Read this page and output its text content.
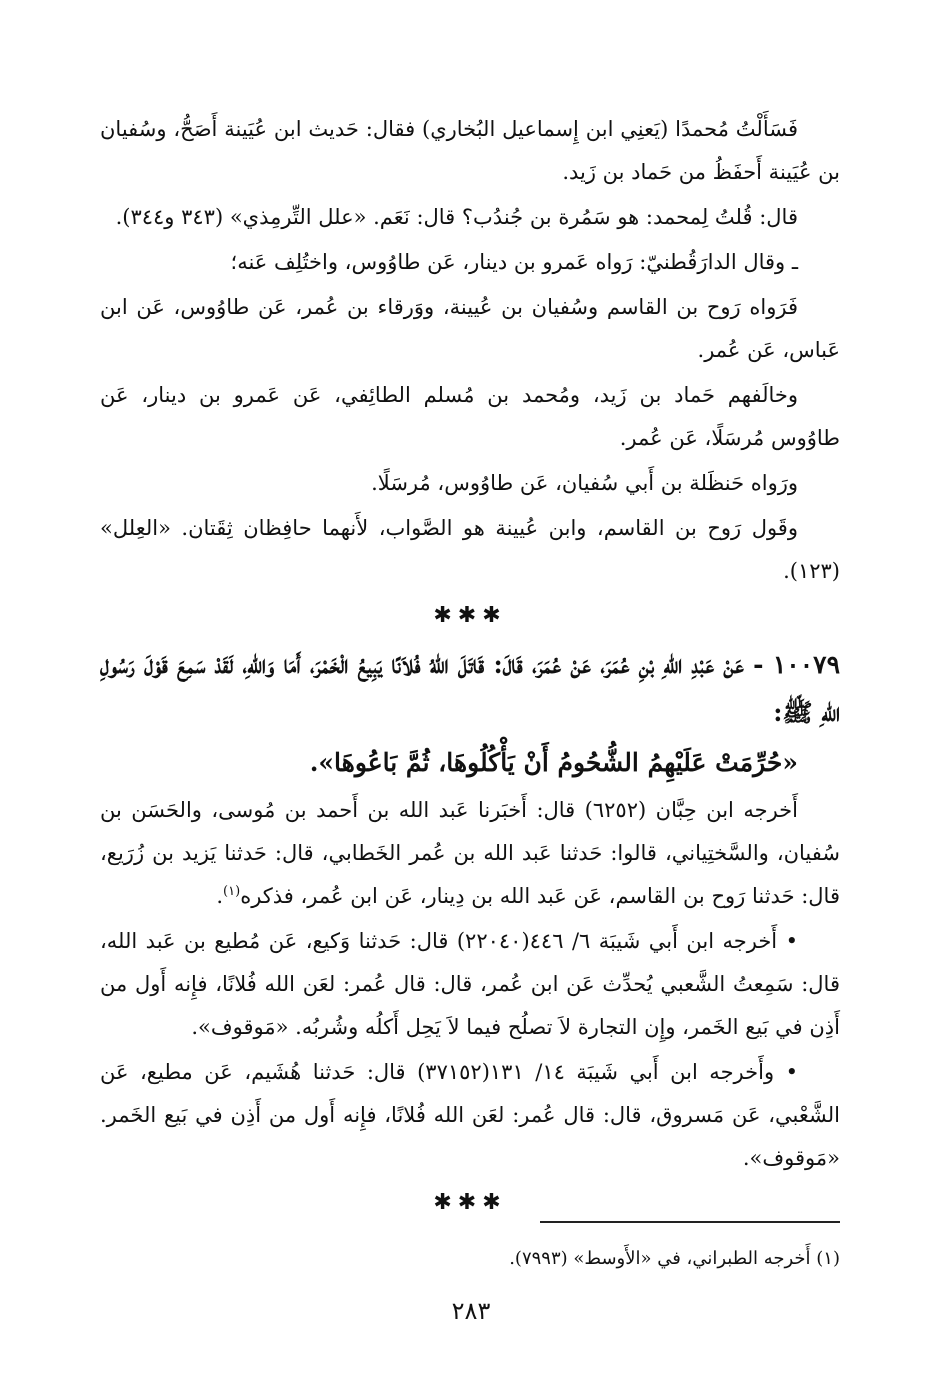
فَسَأَلْتُ مُحمدًا (يَعنِي ابن إِسماعيل البُخاري) فقال: حَديث ابن عُيَينة أَصَحُّ، وسُفيان بن عُيَينة أَحفَظُ من حَماد بن زَيد.

قال: قُلتُ لِمحمد: هو سَمُرة بن جُندُب؟ قال: نَعَم. «علل التِّرمِذي» (٣٤٣ و٣٤٤).

ـ وقال الدارَقُطنيّ: رَواه عَمرو بن دينار، عَن طاوُوس، واختُلِف عَنه؛

فَرَواه رَوح بن القاسم وسُفيان بن عُيينة، ووَرقاء بن عُمر، عَن طاوُوس، عَن ابن عَباس، عَن عُمر.

وخالَفهم حَماد بن زَيد، ومُحمد بن مُسلم الطائِفي، عَن عَمرو بن دينار، عَن طاوُوس مُرسَلًا، عَن عُمر.

ورَواه حَنظَلة بن أَبي سُفيان، عَن طاوُوس، مُرسَلًا.

وقَول رَوح بن القاسم، وابن عُيينة هو الصَّواب، لأَنهما حافِظان ثِقَتان. «العِلل» (١٢٣).

✱✱✱

١٠٠٧٩ - عَنْ عَبْدِ اللهِ بْنِ عُمَرَ، عَنْ عُمَرَ، قَالَ: قَاتَلَ اللهُ فُلاَنًا يَبِيعُ الْخَمْرَ، أَمَا وَاللهِ، لَقَدْ سَمِعَ قَوْلَ رَسُولِ اللهِ ﷺ:

«حُرِّمَتْ عَلَيْهِمُ الشُّحُومُ أَنْ يَأْكُلُوهَا، ثُمَّ بَاعُوهَا».

أَخرجه ابن حِبَّان (٦٢٥٢) قال: أَخبَرنا عَبد الله بن أَحمد بن مُوسى، والحَسَن بن سُفيان، والسَّختِياني، قالوا: حَدثنا عَبد الله بن عُمر الخَطابي، قال: حَدثنا يَزيد بن زُرَيع، قال: حَدثنا رَوح بن القاسم، عَن عَبد الله بن دِينار، عَن ابن عُمر، فذكره$^{(١)}$.

• أَخرجه ابن أَبي شَيبَة ٦/ ٤٤٦(٢٢٠٤٠) قال: حَدثنا وَكيع، عَن مُطيع بن عَبد الله، قال: سَمِعتُ الشَّعبي يُحدِّث عَن ابن عُمر، قال: قال عُمر: لعَن الله فُلانًا، فإِنه أَول من أَذِن في بَيع الخَمر، وإِن التجارة لاَ تصلُح فيما لاَ يَحِل أَكلُه وشُربُه. «مَوقوف».

• وأَخرجه ابن أَبي شَيبَة ١٤/ ١٣١(٣٧١٥٢) قال: حَدثنا هُشَيم، عَن مطيع، عَن الشَّعْبي، عَن مَسروق، قال: قال عُمر: لعَن الله فُلانًا، فإِنه أَول من أَذِن في بَيع الخَمر. «مَوقوف».

✱✱✱
(١) أَخرجه الطبراني، في «الأَوسط» (٧٩٩٣).
٢٨٣
